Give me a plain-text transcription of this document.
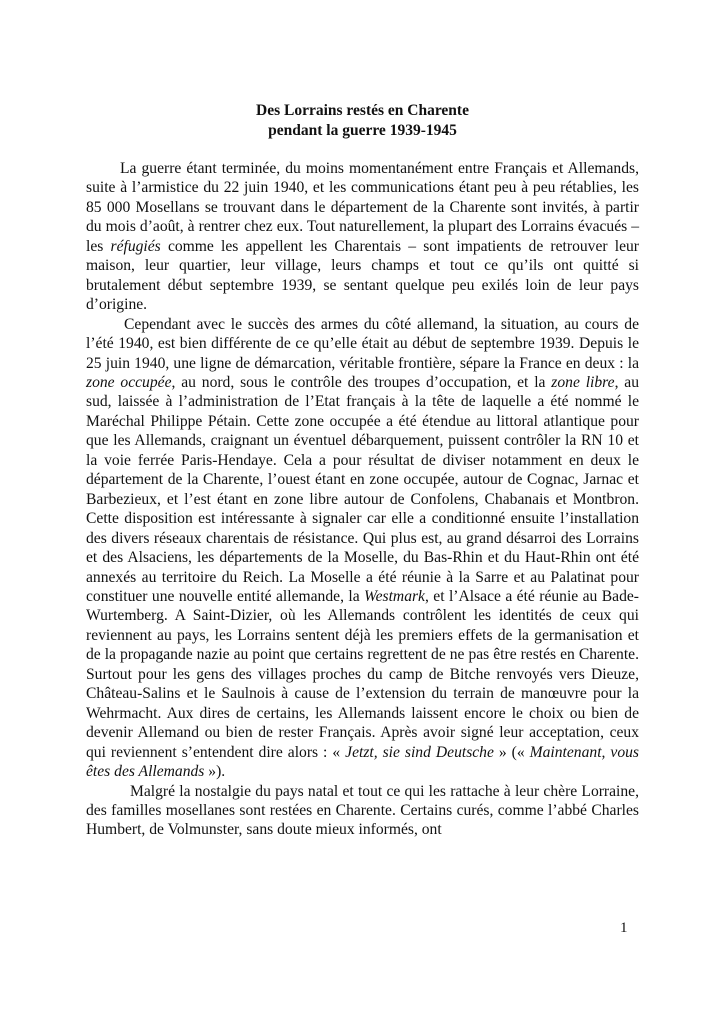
Des Lorrains restés en Charente
pendant la guerre 1939-1945

La guerre étant terminée, du moins momentanément entre Français et Allemands, suite à l’armistice du 22 juin 1940, et les communications étant peu à peu rétablies, les 85 000 Mosellans se trouvant dans le département de la Charente sont invités, à partir du mois d’août, à rentrer chez eux. Tout naturellement, la plupart des Lorrains évacués – les réfugiés comme les appellent les Charentais – sont impatients de retrouver leur maison, leur quartier, leur village, leurs champs et tout ce qu’ils ont quitté si brutalement début septembre 1939, se sentant quelque peu exilés loin de leur pays d’origine.

Cependant avec le succès des armes du côté allemand, la situation, au cours de l’été 1940, est bien différente de ce qu’elle était au début de septembre 1939. Depuis le 25 juin 1940, une ligne de démarcation, véritable frontière, sépare la France en deux : la zone occupée, au nord, sous le contrôle des troupes d’occupation, et la zone libre, au sud, laissée à l’administration de l’Etat français à la tête de laquelle a été nommé le Maréchal Philippe Pétain. Cette zone occupée a été étendue au littoral atlantique pour que les Allemands, craignant un éventuel débarquement, puissent contrôler la RN 10 et la voie ferrée Paris-Hendaye. Cela a pour résultat de diviser notamment en deux le département de la Charente, l’ouest étant en zone occupée, autour de Cognac, Jarnac et Barbezieux, et l’est étant en zone libre autour de Confolens, Chabanais et Montbron. Cette disposition est intéressante à signaler car elle a conditionné ensuite l’installation des divers réseaux charentais de résistance. Qui plus est, au grand désarroi des Lorrains et des Alsaciens, les départements de la Moselle, du Bas-Rhin et du Haut-Rhin ont été annexés au territoire du Reich. La Moselle a été réunie à la Sarre et au Palatinat pour constituer une nouvelle entité allemande, la Westmark, et l’Alsace a été réunie au Bade-Wurtemberg. A Saint-Dizier, où les Allemands contrôlent les identités de ceux qui reviennent au pays, les Lorrains sentent déjà les premiers effets de la germanisation et de la propagande nazie au point que certains regrettent de ne pas être restés en Charente. Surtout pour les gens des villages proches du camp de Bitche renvoyés vers Dieuze, Château-Salins et le Saulnois à cause de l’extension du terrain de manœuvre pour la Wehrmacht. Aux dires de certains, les Allemands laissent encore le choix ou bien de devenir Allemand ou bien de rester Français. Après avoir signé leur acceptation, ceux qui reviennent s’entendent dire alors : « Jetzt, sie sind Deutsche » (« Maintenant, vous êtes des Allemands »).

Malgré la nostalgie du pays natal et tout ce qui les rattache à leur chère Lorraine, des familles mosellanes sont restées en Charente. Certains curés, comme l’abbé Charles Humbert, de Volmunster, sans doute mieux informés, ont

1
